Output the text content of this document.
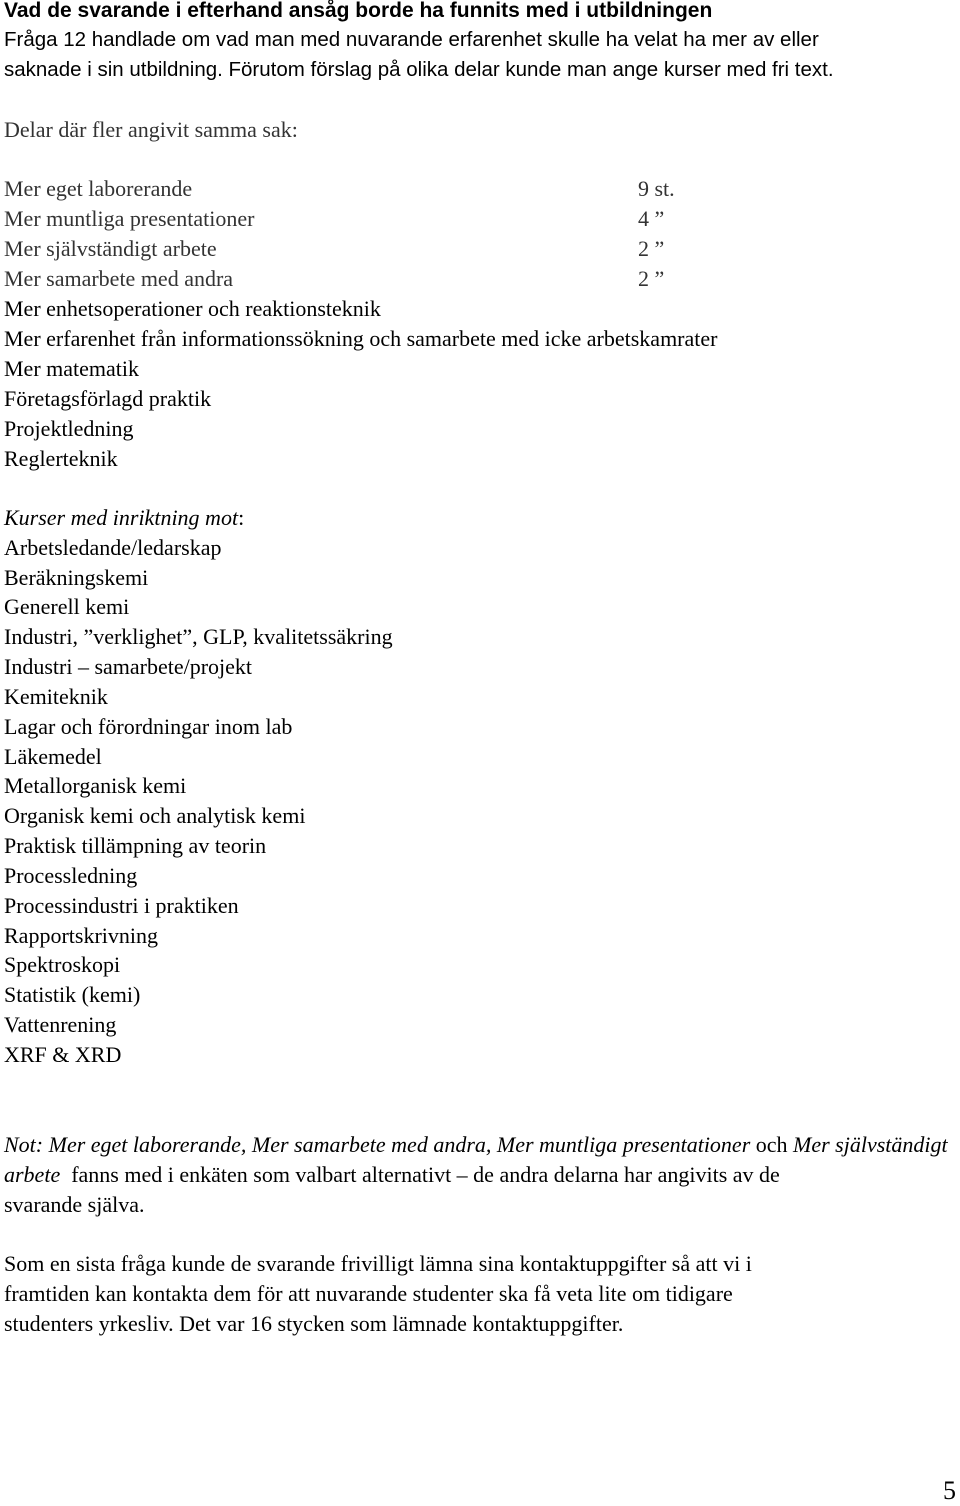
Vad de svarande i efterhand ansåg borde ha funnits med i utbildningen
Fråga 12 handlade om vad man med nuvarande erfarenhet skulle ha velat ha mer av eller
saknade i sin utbildning. Förutom förslag på olika delar kunde man ange kurser med fri text.
Delar där fler angivit samma sak:
Mer eget laborerande	9 st.
Mer muntliga presentationer	4 ”
Mer självständigt arbete	2 ”
Mer samarbete med andra	2 ”
Mer enhetsoperationer och reaktionsteknik
Mer erfarenhet från informationssökning och samarbete med icke arbetskamrater
Mer matematik
Företagsförlagd praktik
Projektledning
Reglerteknik
Kurser med inriktning mot:
Arbetsledande/ledarskap
Beräkningskemi
Generell kemi
Industri, ”verklighet”, GLP, kvalitetssäkring
Industri – samarbete/projekt
Kemiteknik
Lagar och förordningar inom lab
Läkemedel
Metallorganisk kemi
Organisk kemi och analytisk kemi
Praktisk tillämpning av teorin
Processledning
Processindustri i praktiken
Rapportskrivning
Spektroskopi
Statistik (kemi)
Vattenrening
XRF & XRD
Not: Mer eget laborerande, Mer samarbete med andra, Mer muntliga presentationer och Mer självständigt
arbete fanns med i enkäten som valbart alternativt – de andra delarna har angivits av de
svarande själva.
Som en sista fråga kunde de svarande frivilligt lämna sina kontaktuppgifter så att vi i
framtiden kan kontakta dem för att nuvarande studenter ska få veta lite om tidigare
studenters yrkesliv. Det var 16 stycken som lämnade kontaktuppgifter.
5
